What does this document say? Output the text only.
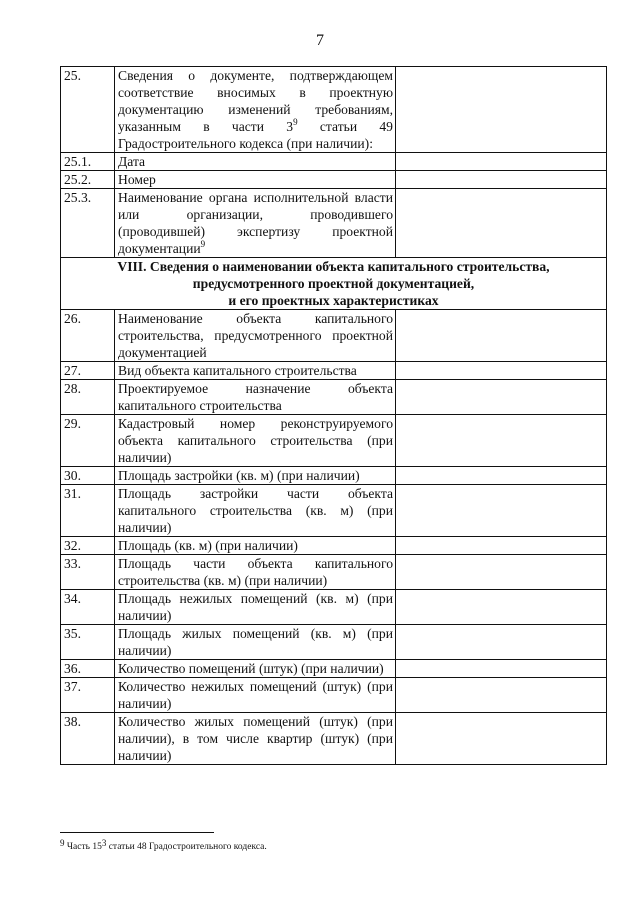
7
25.	Сведения о документе, подтверждающем соответствие вносимых в проектную документацию изменений требованиям, указанным в части $3^9$ статьи 49 Градостроительного кодекса (при наличии):	
25.1.	Дата	
25.2.	Номер	
25.3.	Наименование органа исполнительной власти или организации, проводившего (проводившей) экспертизу проектной документации$^9$	
VIII. Сведения о наименовании объекта капитального строительства,
предусмотренного проектной документацией,
и его проектных характеристиках		
26.	Наименование объекта капитального строительства, предусмотренного проектной документацией	
27.	Вид объекта капитального строительства	
28.	Проектируемое назначение объекта капитального строительства	
29.	Кадастровый номер реконструируемого объекта капитального строительства (при наличии)	
30.	Площадь застройки (кв. м) (при наличии)	
31.	Площадь застройки части объекта капитального строительства (кв. м) (при наличии)	
32.	Площадь (кв. м) (при наличии)	
33.	Площадь части объекта капитального строительства (кв. м) (при наличии)	
34.	Площадь нежилых помещений (кв. м) (при наличии)	
35.	Площадь жилых помещений (кв. м) (при наличии)	
36.	Количество помещений (штук) (при наличии)	
37.	Количество нежилых помещений (штук) (при наличии)	
38.	Количество жилых помещений (штук) (при наличии), в том числе квартир (штук) (при наличии)	
$^9$ Часть $15^3$ статьи 48 Градостроительного кодекса.
